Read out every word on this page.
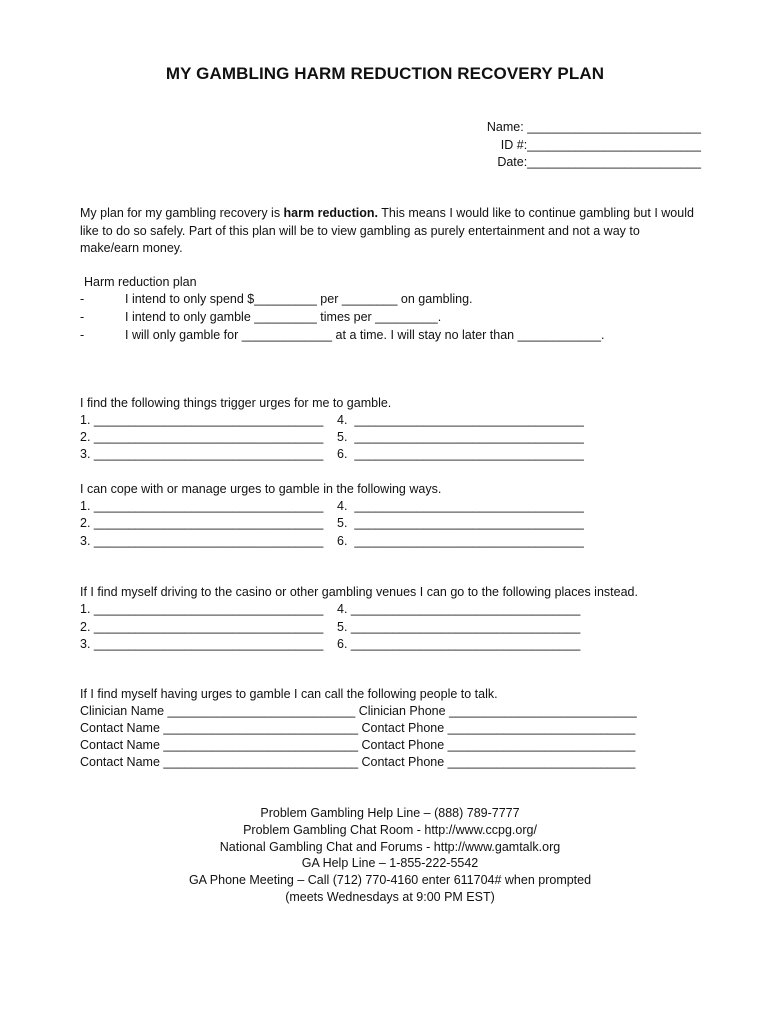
MY GAMBLING HARM REDUCTION RECOVERY PLAN
Name: _________________________
ID #:_________________________
Date:_________________________
My plan for my gambling recovery is harm reduction. This means I would like to continue gambling but I would like to do so safely. Part of this plan will be to view gambling as purely entertainment and not a way to make/earn money.
Harm reduction plan
-	I intend to only spend $_________ per ________ on gambling.
-	I intend to only gamble _________ times per _________.
-	I will only gamble for _____________ at a time. I will stay no later than ____________.
I find the following things trigger urges for me to gamble.
1. _________________________________ 4.  _________________________________
2. _________________________________ 5.  _________________________________
3. _________________________________ 6.  _________________________________
I can cope with or manage urges to gamble in the following ways.
1. _________________________________ 4.  _________________________________
2. _________________________________ 5.  _________________________________
3. _________________________________ 6.  _________________________________
If I find myself driving to the casino or other gambling venues I can go to the following places instead.
1. _________________________________ 4. _________________________________
2. _________________________________ 5. _________________________________
3. _________________________________ 6. _________________________________
If I find myself having urges to gamble I can call the following people to talk.
Clinician Name ___________________________ Clinician Phone ___________________________
Contact Name ____________________________ Contact Phone ___________________________
Contact Name ____________________________ Contact Phone ___________________________
Contact Name ____________________________ Contact Phone ___________________________
Problem Gambling Help Line – (888) 789-7777
Problem Gambling Chat Room - http://www.ccpg.org/
National Gambling Chat and Forums - http://www.gamtalk.org
GA Help Line – 1-855-222-5542
GA Phone Meeting – Call (712) 770-4160 enter 611704# when prompted
(meets Wednesdays at 9:00 PM EST)
